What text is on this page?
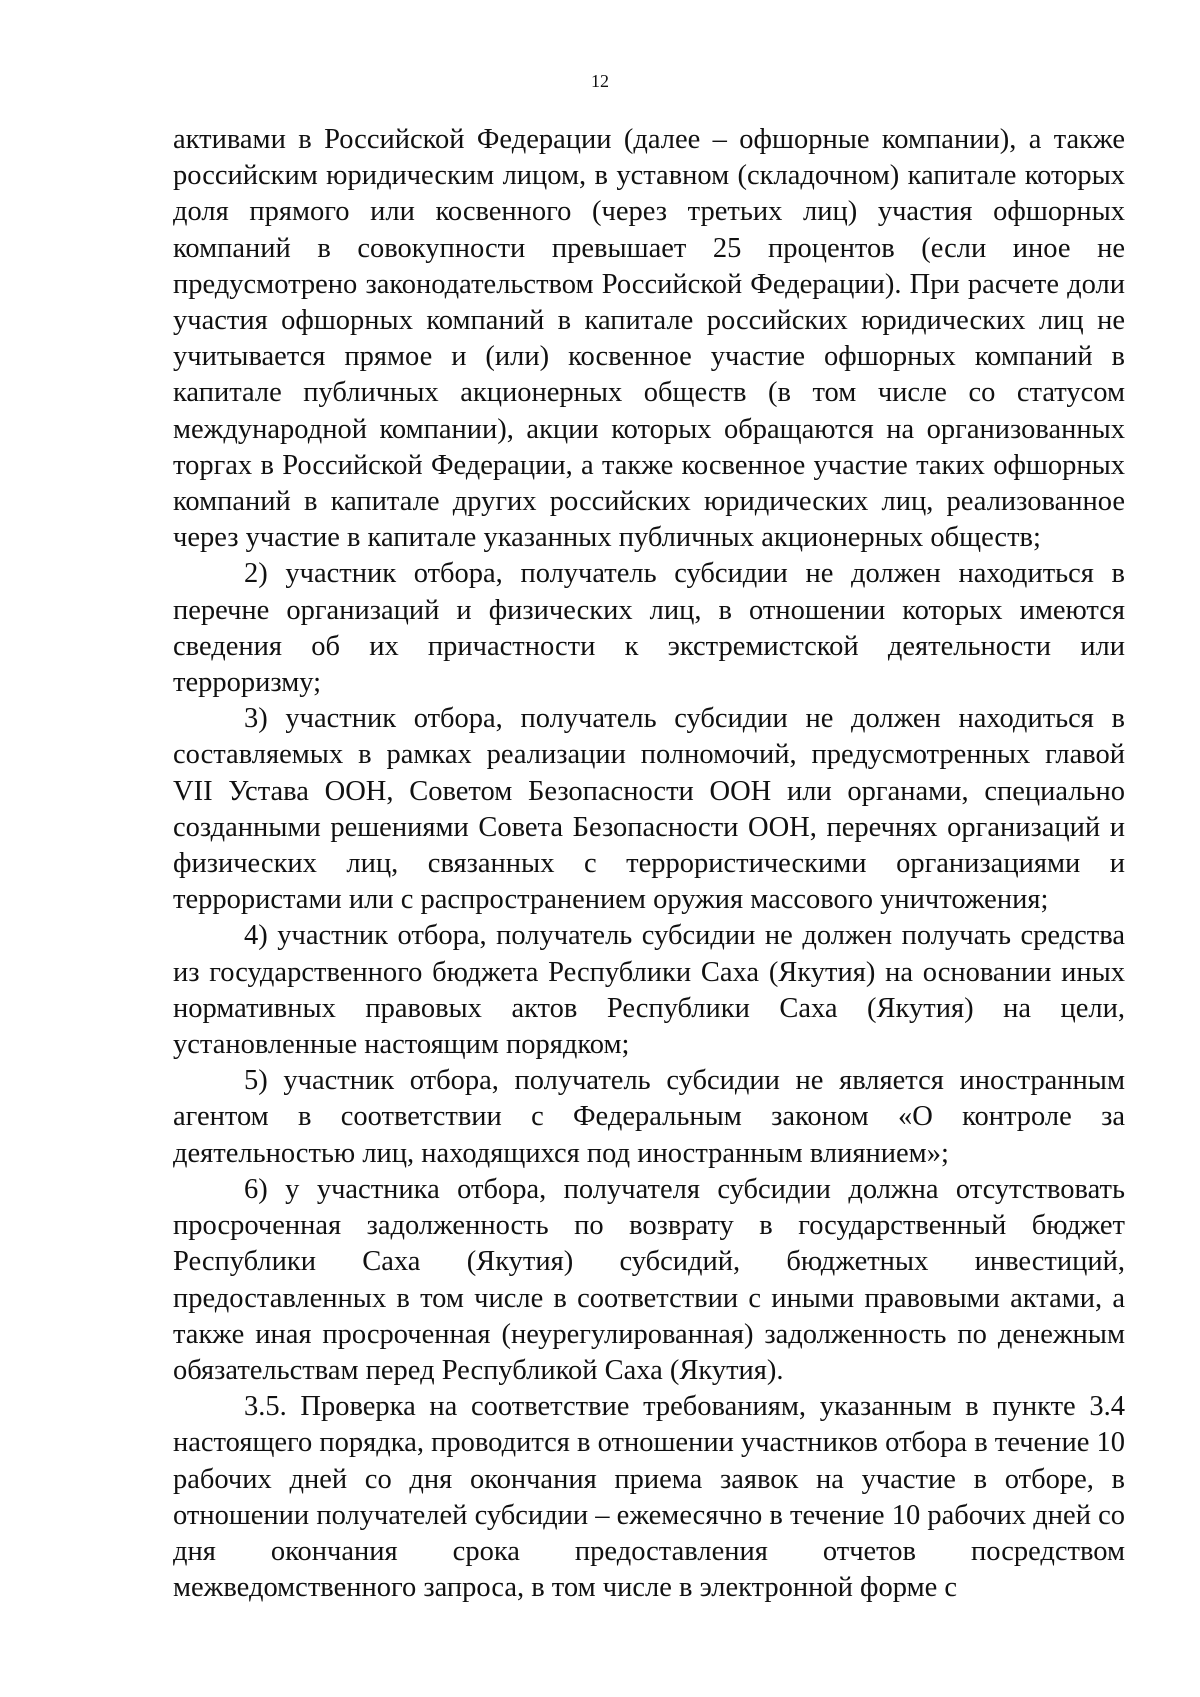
12

активами в Российской Федерации (далее – офшорные компании), а также российским юридическим лицом, в уставном (складочном) капитале которых доля прямого или косвенного (через третьих лиц) участия офшорных компаний в совокупности превышает 25 процентов (если иное не предусмотрено законодательством Российской Федерации). При расчете доли участия офшорных компаний в капитале российских юридических лиц не учитывается прямое и (или) косвенное участие офшорных компаний в капитале публичных акционерных обществ (в том числе со статусом международной компании), акции которых обращаются на организованных торгах в Российской Федерации, а также косвенное участие таких офшорных компаний в капитале других российских юридических лиц, реализованное через участие в капитале указанных публичных акционерных обществ;

2) участник отбора, получатель субсидии не должен находиться в перечне организаций и физических лиц, в отношении которых имеются сведения об их причастности к экстремистской деятельности или терроризму;

3) участник отбора, получатель субсидии не должен находиться в составляемых в рамках реализации полномочий, предусмотренных главой VII Устава ООН, Советом Безопасности ООН или органами, специально созданными решениями Совета Безопасности ООН, перечнях организаций и физических лиц, связанных с террористическими организациями и террористами или с распространением оружия массового уничтожения;

4) участник отбора, получатель субсидии не должен получать средства из государственного бюджета Республики Саха (Якутия) на основании иных нормативных правовых актов Республики Саха (Якутия) на цели, установленные настоящим порядком;

5) участник отбора, получатель субсидии не является иностранным агентом в соответствии с Федеральным законом «О контроле за деятельностью лиц, находящихся под иностранным влиянием»;

6) у участника отбора, получателя субсидии должна отсутствовать просроченная задолженность по возврату в государственный бюджет Республики Саха (Якутия) субсидий, бюджетных инвестиций, предоставленных в том числе в соответствии с иными правовыми актами, а также иная просроченная (неурегулированная) задолженность по денежным обязательствам перед Республикой Саха (Якутия).

3.5. Проверка на соответствие требованиям, указанным в пункте 3.4 настоящего порядка, проводится в отношении участников отбора в течение 10 рабочих дней со дня окончания приема заявок на участие в отборе, в отношении получателей субсидии – ежемесячно в течение 10 рабочих дней со дня окончания срока предоставления отчетов посредством межведомственного запроса, в том числе в электронной форме с
